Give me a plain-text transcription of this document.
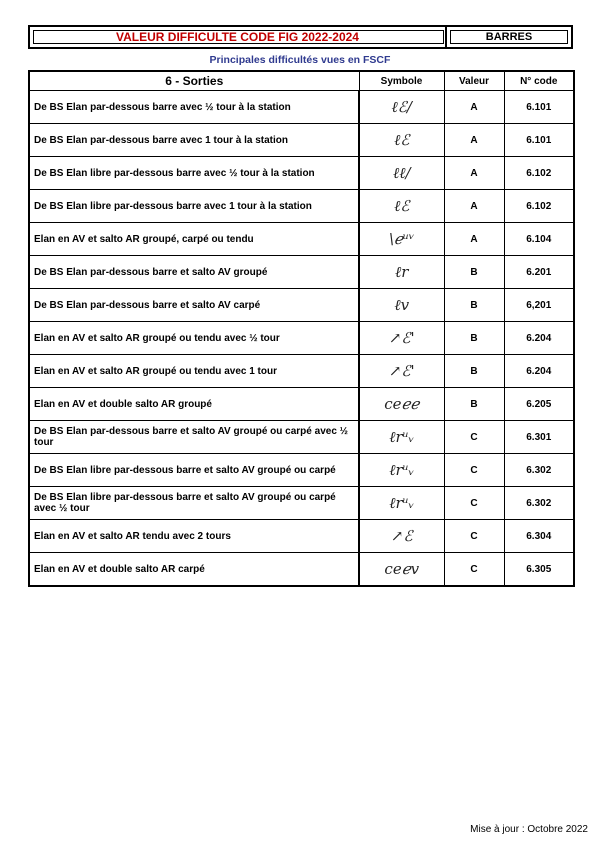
VALEUR DIFFICULTE CODE FIG 2022-2024	BARRES
Principales difficultés vues en FSCF
6 - Sorties	Symbole	Valeur	N° code
De BS Elan par-dessous barre avec ½ tour à la station	ℓℰ/	A	6.101
De BS Elan par-dessous barre avec 1 tour à la station	ℓℰ	A	6.101
De BS Elan libre par-dessous barre avec ½ tour à la station	ℓℓ/	A	6.102
De BS Elan libre par-dessous barre avec 1 tour à la station	ℓℰ	A	6.102
Elan en AV et salto AR groupé, carpé ou tendu	\ℯᵘᵛ	A	6.104
De BS Elan par-dessous barre et salto AV groupé	ℓr	B	6.201
De BS Elan par-dessous barre et salto AV carpé	ℓv	B	6,201
Elan en AV et salto AR groupé ou tendu avec ½ tour	↗ℰ'	B	6.204
Elan en AV et salto AR groupé ou tendu avec 1 tour	↗ℰ'	B	6.204
Elan en AV et double salto AR groupé	ceℯℯ	B	6.205
De BS Elan par-dessous barre et salto AV groupé ou carpé avec ½ tour	ℓrᵘᵥ	C	6.301
De BS Elan libre par-dessous barre et salto AV groupé ou carpé	ℓrᵘᵥ	C	6.302
De BS Elan libre par-dessous barre et salto AV groupé ou carpé avec ½ tour	ℓrᵘᵥ	C	6.302
Elan en AV et salto AR tendu avec 2 tours	↗ℰ	C	6.304
Elan en AV et double salto AR carpé	ceℯv	C	6.305
Mise à jour : Octobre 2022
